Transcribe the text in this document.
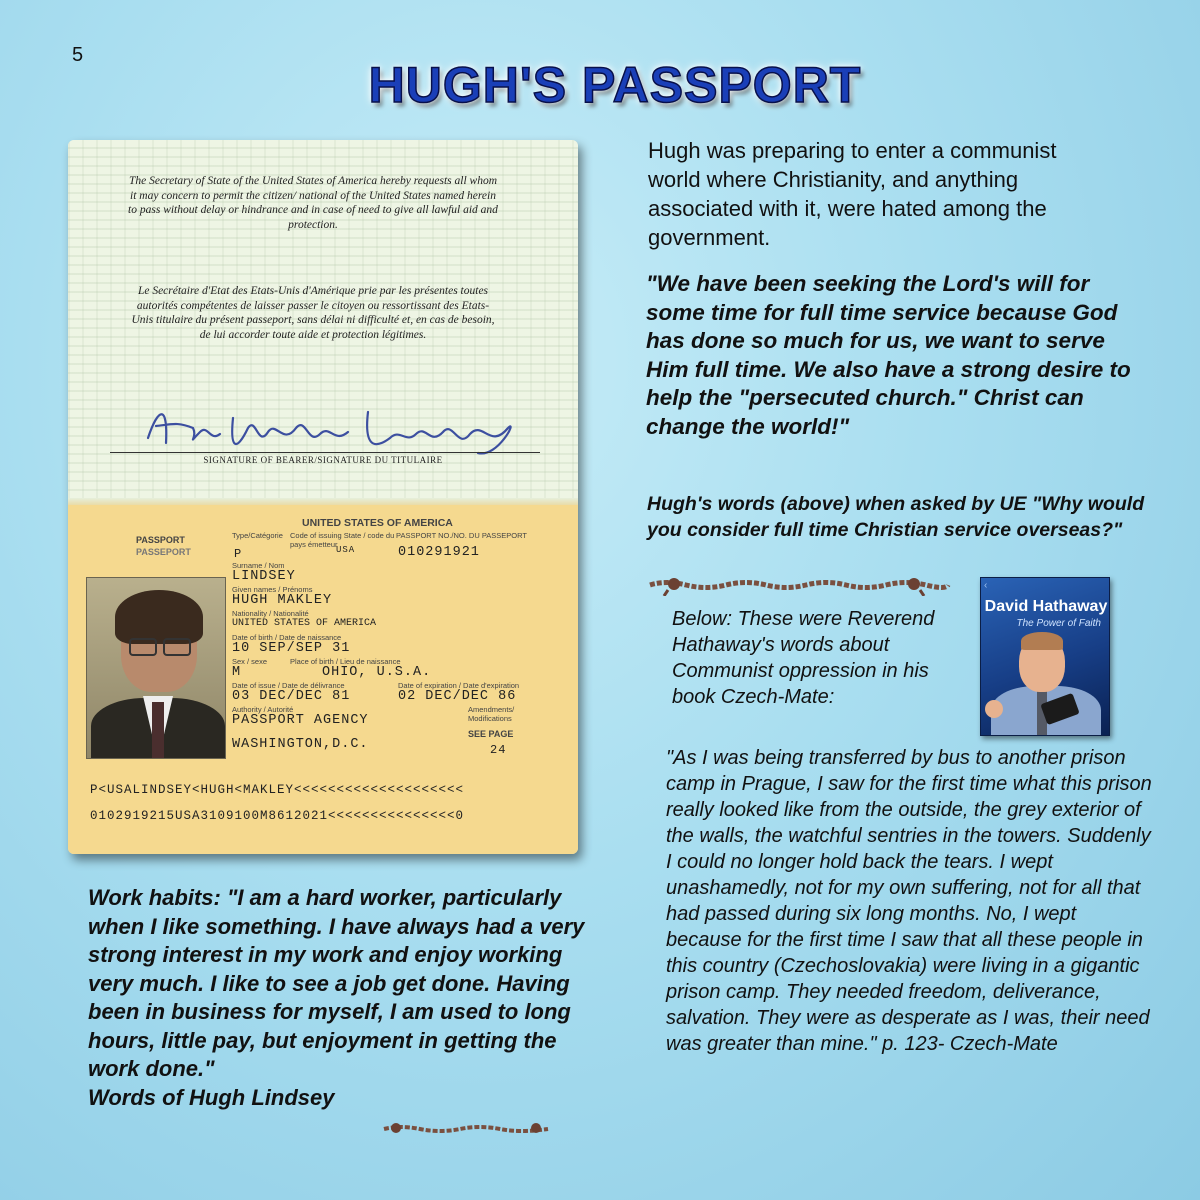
5
HUGH'S PASSPORT
The Secretary of State of the United States of America hereby requests all whom it may concern to permit the citizen/ national of the United States named herein to pass without delay or hindrance and in case of need to give all lawful aid and protection.
Le Secrétaire d'Etat des Etats-Unis d'Amérique prie par les présentes toutes autorités compétentes de laisser passer le citoyen ou ressortissant des Etats-Unis titulaire du présent passeport, sans délai ni difficulté et, en cas de besoin, de lui accorder toute aide et protection légitimes.
SIGNATURE OF BEARER/SIGNATURE DU TITULAIRE
PASSPORT
PASSEPORT
UNITED STATES OF AMERICA
Type/Catégorie Code of issuing State / code du pays émetteur
PASSPORT NO./NO. DU PASSEPORT
P	USA	010291921
Surname / Nom
LINDSEY
Given names / Prénoms
HUGH MAKLEY
Nationality / Nationalité
UNITED STATES OF AMERICA
Date of birth / Date de naissance
10 SEP/SEP 31
Sex / sexe	Place of birth / Lieu de naissance
M	OHIO, U.S.A.
Date of issue / Date de délivrance	Date of expiration / Date d'expiration
03 DEC/DEC 81	02 DEC/DEC 86
Authority / Autorité	Amendments/ Modifications
PASSPORT AGENCY
SEE PAGE
WASHINGTON,D.C.	24
P<USALINDSEY<HUGH<MAKLEY<<<<<<<<<<<<<<<<<<<<
0102919215USA3109100M8612021<<<<<<<<<<<<<<<0
Hugh was preparing to enter a communist world where Christianity, and anything associated with it, were hated among the government.
"We have been seeking the Lord's will for some time for full time service because God has done so much for us, we want to serve Him full time. We also have a strong desire to help the "persecuted church." Christ can change the world!"
Hugh's words (above) when asked by UE "Why would you consider full time Christian service overseas?"
Below: These were Reverend Hathaway's words about Communist oppression in his book Czech-Mate:
‹
David Hathaway
The Power of Faith
"As I was being transferred by bus to another prison camp in Prague, I saw for the first time what this prison really looked like from the outside, the grey exterior of the walls, the watchful sentries in the towers. Suddenly I could no longer hold back the tears. I wept unashamedly, not for my own suffering, not for all that had passed during six long months. No, I wept because for the first time I saw that all these people in this country (Czechoslovakia) were living in a gigantic prison camp. They needed freedom, deliverance, salvation. They were as desperate as I was, their need was greater than mine." p. 123- Czech-Mate
Work habits: "I am a hard worker, particularly when I like something. I have always had a very strong interest in my work and enjoy working very much. I like to see a job get done. Having been in business for myself, I am used to long hours, little pay, but enjoyment in getting the work done."
Words of Hugh Lindsey
